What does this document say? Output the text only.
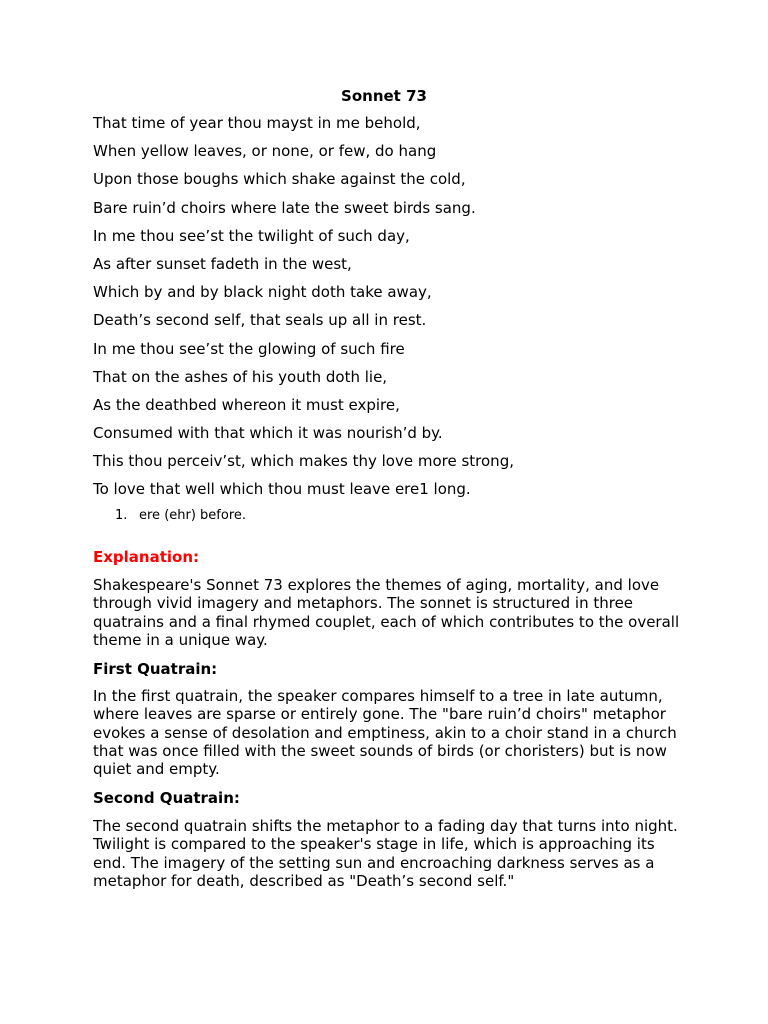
Sonnet 73
That time of year thou mayst in me behold,
When yellow leaves, or none, or few, do hang
Upon those boughs which shake against the cold,
Bare ruin’d choirs where late the sweet birds sang.
In me thou see’st the twilight of such day,
As after sunset fadeth in the west,
Which by and by black night doth take away,
Death’s second self, that seals up all in rest.
In me thou see’st the glowing of such fire
That on the ashes of his youth doth lie,
As the deathbed whereon it must expire,
Consumed with that which it was nourish’d by.
This thou perceiv’st, which makes thy love more strong,
To love that well which thou must leave ere1 long.
1. ere (ehr) before.
Explanation:
Shakespeare's Sonnet 73 explores the themes of aging, mortality, and love through vivid imagery and metaphors. The sonnet is structured in three quatrains and a final rhymed couplet, each of which contributes to the overall theme in a unique way.
First Quatrain:
In the first quatrain, the speaker compares himself to a tree in late autumn, where leaves are sparse or entirely gone. The "bare ruin’d choirs" metaphor evokes a sense of desolation and emptiness, akin to a choir stand in a church that was once filled with the sweet sounds of birds (or choristers) but is now quiet and empty.
Second Quatrain:
The second quatrain shifts the metaphor to a fading day that turns into night. Twilight is compared to the speaker's stage in life, which is approaching its end. The imagery of the setting sun and encroaching darkness serves as a metaphor for death, described as "Death’s second self."
